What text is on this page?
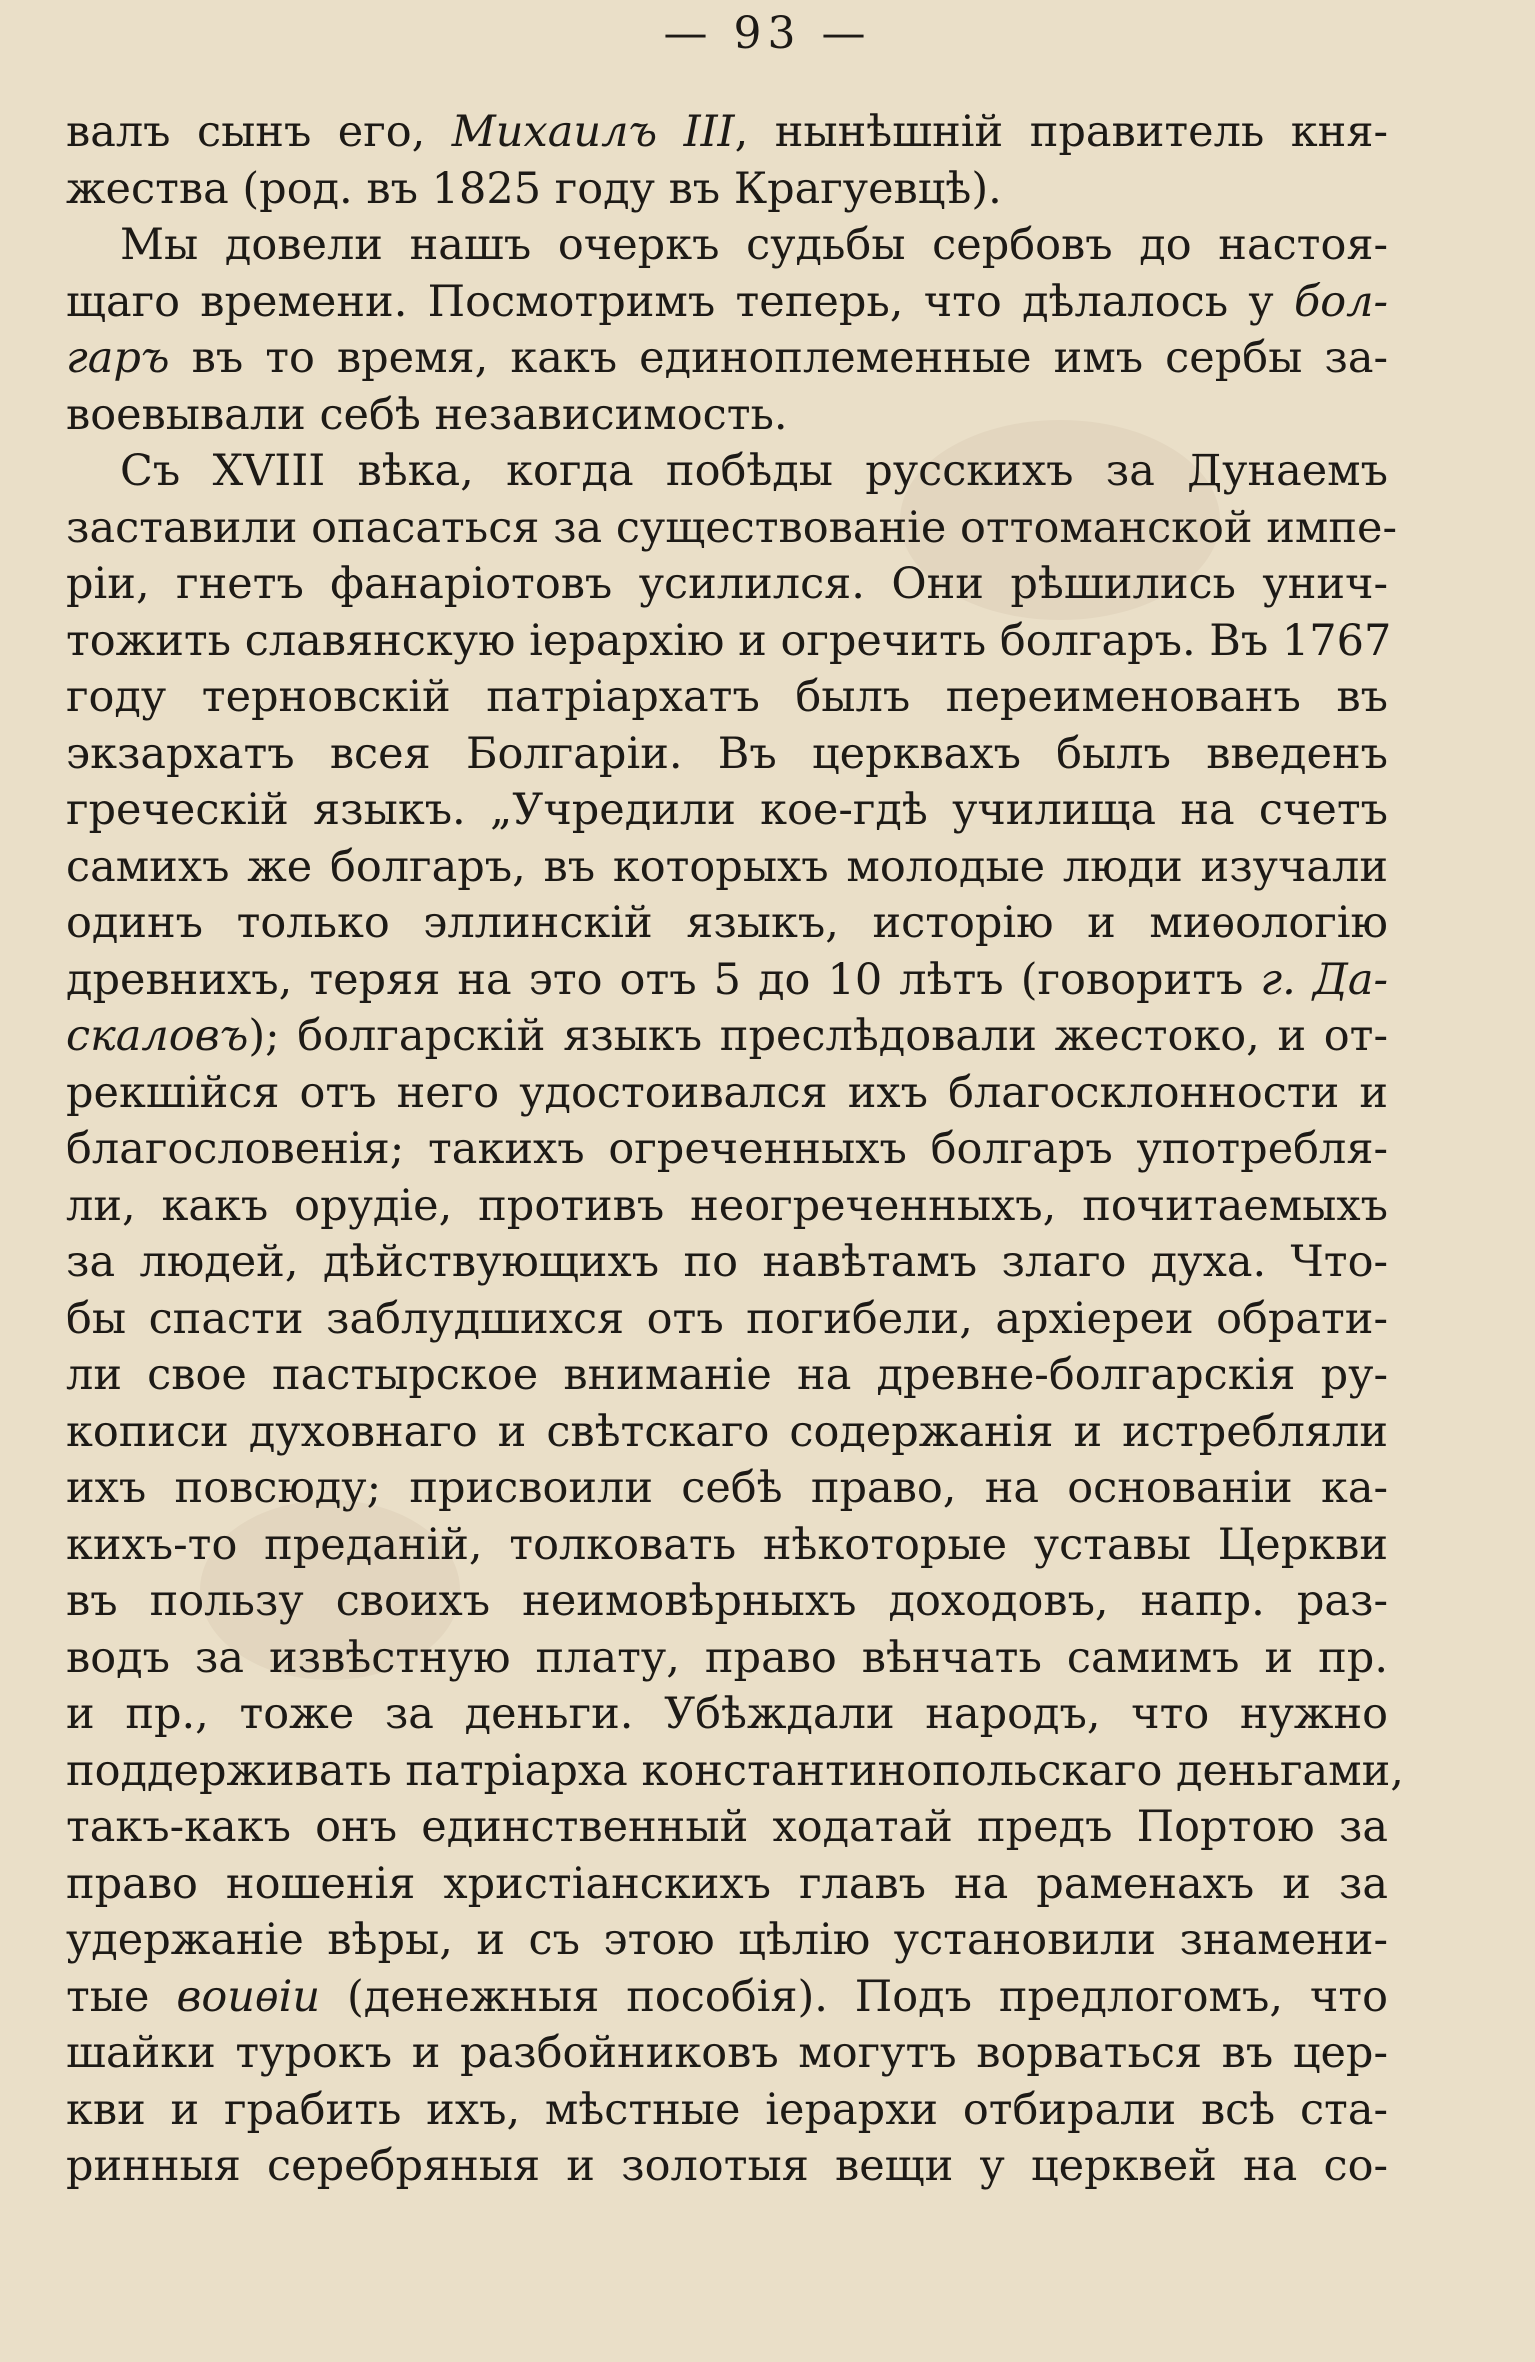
— 93 —
валъ сынъ его, Михаилъ III, нынѣшній правитель кня-
жества (род. въ 1825 году въ Крагуевцѣ).
Мы довели нашъ очеркъ судьбы сербовъ до настоя-
щаго времени. Посмотримъ теперь, что дѣлалось у бол-
гаръ въ то время, какъ единоплеменные имъ сербы за-
воевывали себѣ независимость.
Съ XVIII вѣка, когда побѣды русскихъ за Дунаемъ
заставили опасаться за существованіе оттоманской импе-
ріи, гнетъ фанаріотовъ усилился. Они рѣшились унич-
тожить славянскую іерархію и огречить болгаръ. Въ 1767
году терновскій патріархатъ былъ переименованъ въ
экзархатъ всея Болгаріи. Въ церквахъ былъ введенъ
греческій языкъ. „Учредили кое-гдѣ училища на счетъ
самихъ же болгаръ, въ которыхъ молодые люди изучали
одинъ только эллинскій языкъ, исторію и миѳологію
древнихъ, теряя на это отъ 5 до 10 лѣтъ (говоритъ г. Да-
скаловъ); болгарскій языкъ преслѣдовали жестоко, и от-
рекшійся отъ него удостоивался ихъ благосклонности и
благословенія; такихъ огреченныхъ болгаръ употребля-
ли, какъ орудіе, противъ неогреченныхъ, почитаемыхъ
за людей, дѣйствующихъ по навѣтамъ злаго духа. Что-
бы спасти заблудшихся отъ погибели, архіереи обрати-
ли свое пастырское вниманіе на древне-болгарскія ру-
кописи духовнаго и свѣтскаго содержанія и истребляли
ихъ повсюду; присвоили себѣ право, на основаніи ка-
кихъ-то преданій, толковать нѣкоторые уставы Церкви
въ пользу своихъ неимовѣрныхъ доходовъ, напр. раз-
водъ за извѣстную плату, право вѣнчать самимъ и пр.
и пр., тоже за деньги. Убѣждали народъ, что нужно
поддерживать патріарха константинопольскаго деньгами,
такъ-какъ онъ единственный ходатай предъ Портою за
право ношенія христіанскихъ главъ на раменахъ и за
удержаніе вѣры, и съ этою цѣлію установили знамени-
тые воиѳіи (денежныя пособія). Подъ предлогомъ, что
шайки турокъ и разбойниковъ могутъ ворваться въ цер-
кви и грабить ихъ, мѣстные іерархи отбирали всѣ ста-
ринныя серебряныя и золотыя вещи у церквей на со-
